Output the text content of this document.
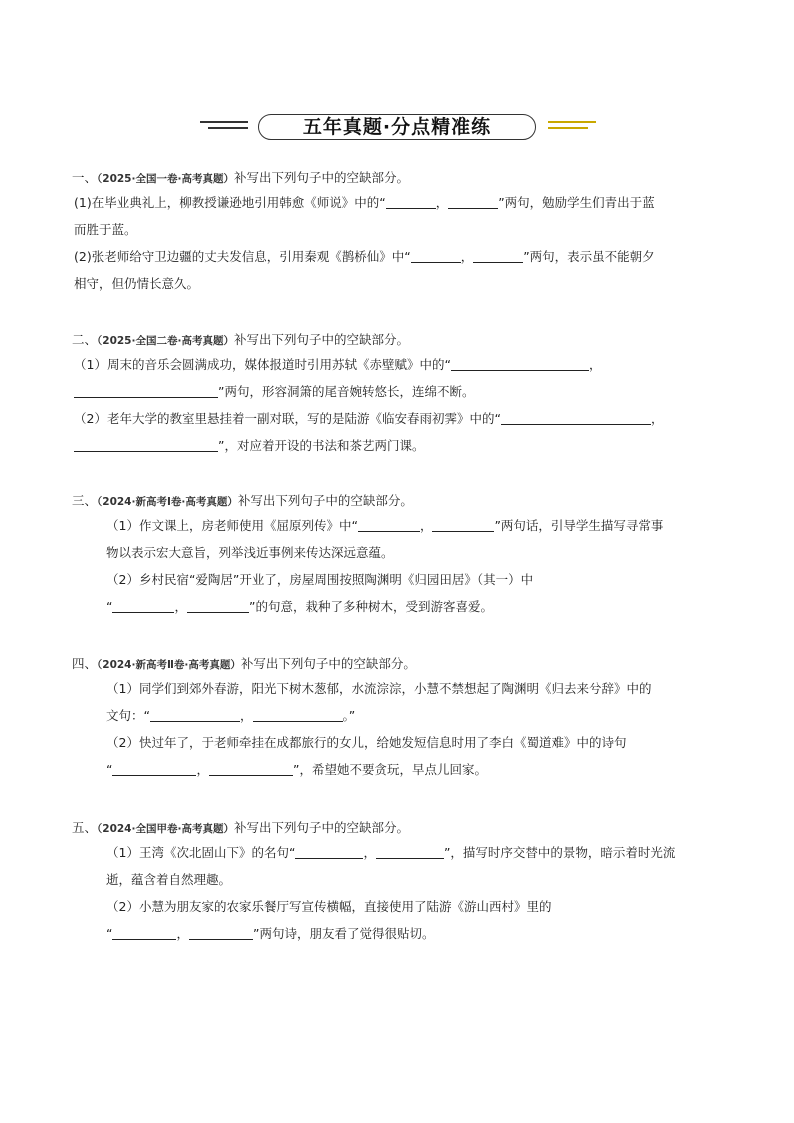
五年真题·分点精准练
一、（2025·全国一卷·高考真题）补写出下列句子中的空缺部分。
(1)在毕业典礼上，柳教授谦逊地引用韩愈《师说》中的“	，	”两句，勉励学生们青出于蓝
而胜于蓝。
(2)张老师给守卫边疆的丈夫发信息，引用秦观《鹊桥仙》中“	，	”两句，表示虽不能朝夕
相守，但仍情长意久。
二、（2025·全国二卷·高考真题）补写出下列句子中的空缺部分。
（1）周末的音乐会圆满成功，媒体报道时引用苏轼《赤壁赋》中的“	，
”两句，形容洞箫的尾音婉转悠长，连绵不断。
（2）老年大学的教室里悬挂着一副对联，写的是陆游《临安春雨初霁》中的“	，
”，对应着开设的书法和茶艺两门课。
三、（2024·新高考Ⅰ卷·高考真题）补写出下列句子中的空缺部分。
（1）作文课上，房老师使用《屈原列传》中“	，	”两句话，引导学生描写寻常事
物以表示宏大意旨，列举浅近事例来传达深远意蕴。
（2）乡村民宿“爱陶居”开业了，房屋周围按照陶渊明《归园田居》（其一）中
“	，	”的句意，栽种了多种树木，受到游客喜爱。
四、（2024·新高考Ⅱ卷·高考真题）补写出下列句子中的空缺部分。
（1）同学们到郊外春游，阳光下树木葱郁，水流淙淙，小慧不禁想起了陶渊明《归去来兮辞》中的
文句：“	，	。”
（2）快过年了，于老师牵挂在成都旅行的女儿，给她发短信息时用了李白《蜀道难》中的诗句
“	，	”，希望她不要贪玩，早点儿回家。
五、（2024·全国甲卷·高考真题）补写出下列句子中的空缺部分。
（1）王湾《次北固山下》的名句“	，	”，描写时序交替中的景物，暗示着时光流
逝，蕴含着自然理趣。
（2）小慧为朋友家的农家乐餐厅写宣传横幅，直接使用了陆游《游山西村》里的
“	，	”两句诗，朋友看了觉得很贴切。
